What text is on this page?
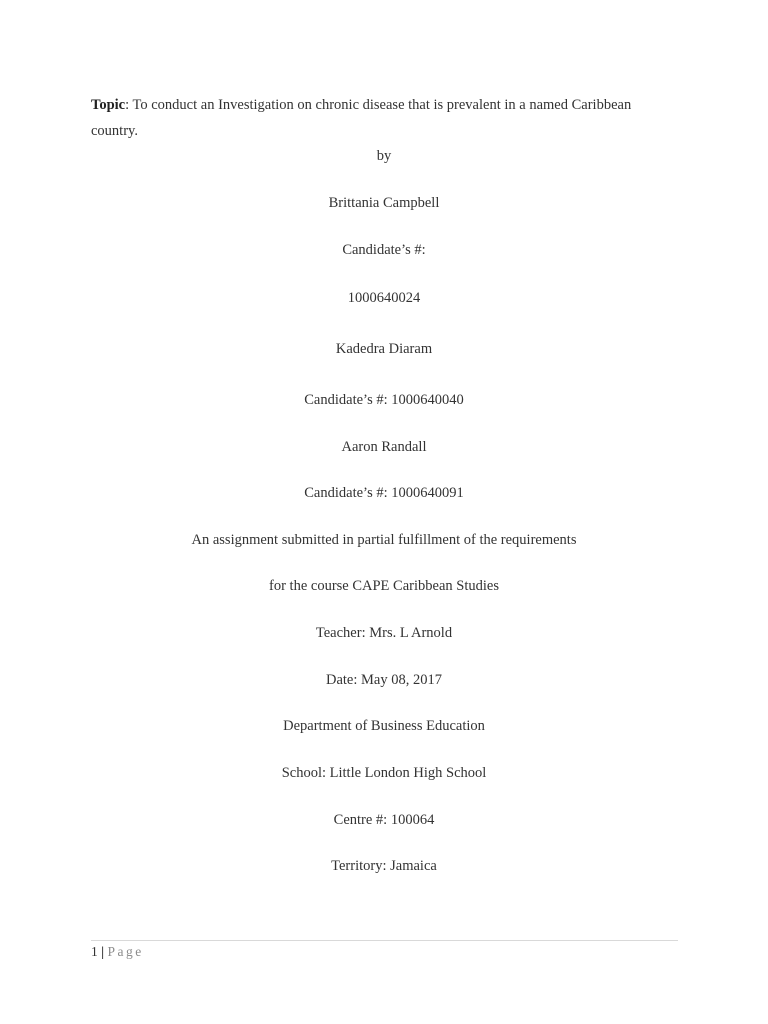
Topic: To conduct an Investigation on chronic disease that is prevalent in a named Caribbean country.
by
Brittania Campbell
Candidate’s #:
1000640024
Kadedra Diaram
Candidate’s #: 1000640040
Aaron Randall
Candidate’s #: 1000640091
An assignment submitted in partial fulfillment of the requirements
for the course CAPE Caribbean Studies
Teacher: Mrs. L Arnold
Date: May 08, 2017
Department of Business Education
School: Little London High School
Centre #: 100064
Territory: Jamaica
1 | Page
